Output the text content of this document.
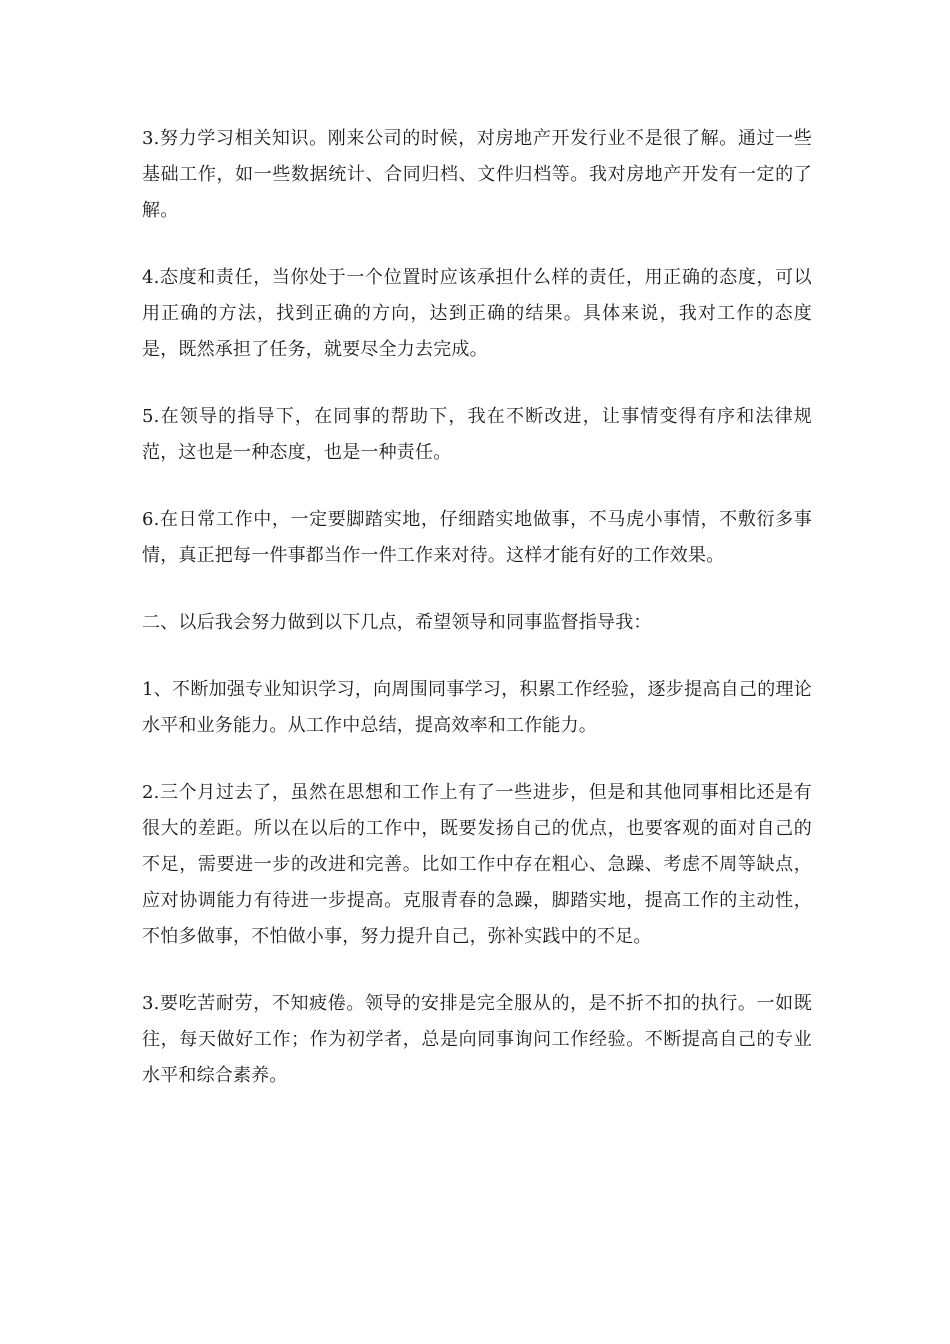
3.努力学习相关知识。刚来公司的时候，对房地产开发行业不是很了解。通过一些基础工作，如一些数据统计、合同归档、文件归档等。我对房地产开发有一定的了解。

4.态度和责任，当你处于一个位置时应该承担什么样的责任，用正确的态度，可以用正确的方法，找到正确的方向，达到正确的结果。具体来说，我对工作的态度是，既然承担了任务，就要尽全力去完成。

5.在领导的指导下，在同事的帮助下，我在不断改进，让事情变得有序和法律规范，这也是一种态度，也是一种责任。

6.在日常工作中，一定要脚踏实地，仔细踏实地做事，不马虎小事情，不敷衍多事情，真正把每一件事都当作一件工作来对待。这样才能有好的工作效果。

二、以后我会努力做到以下几点，希望领导和同事监督指导我：

1、不断加强专业知识学习，向周围同事学习，积累工作经验，逐步提高自己的理论水平和业务能力。从工作中总结，提高效率和工作能力。

2.三个月过去了，虽然在思想和工作上有了一些进步，但是和其他同事相比还是有很大的差距。所以在以后的工作中，既要发扬自己的优点，也要客观的面对自己的不足，需要进一步的改进和完善。比如工作中存在粗心、急躁、考虑不周等缺点，应对协调能力有待进一步提高。克服青春的急躁，脚踏实地，提高工作的主动性，不怕多做事，不怕做小事，努力提升自己，弥补实践中的不足。

3.要吃苦耐劳，不知疲倦。领导的安排是完全服从的，是不折不扣的执行。一如既往，每天做好工作；作为初学者，总是向同事询问工作经验。不断提高自己的专业水平和综合素养。
